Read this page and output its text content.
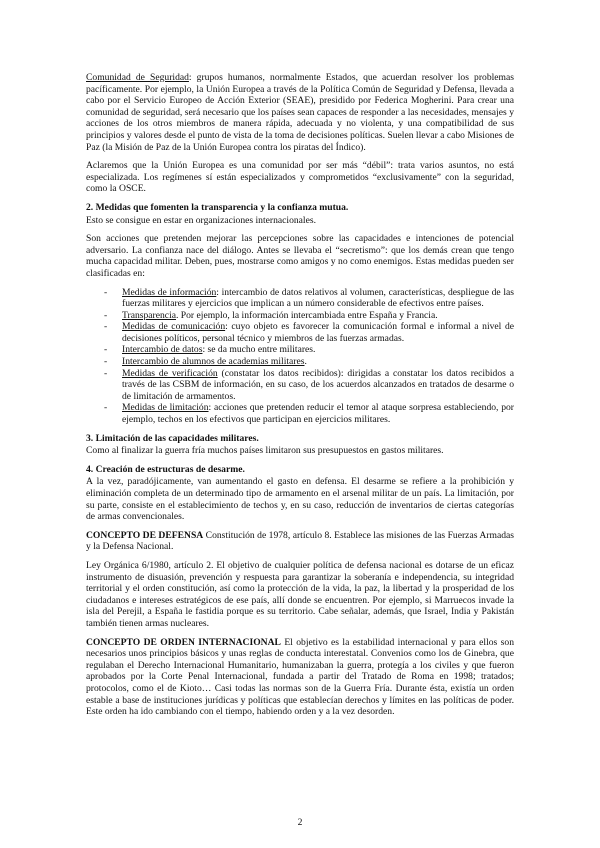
Comunidad de Seguridad: grupos humanos, normalmente Estados, que acuerdan resolver los problemas pacíficamente. Por ejemplo, la Unión Europea a través de la Política Común de Seguridad y Defensa, llevada a cabo por el Servicio Europeo de Acción Exterior (SEAE), presidido por Federica Mogherini. Para crear una comunidad de seguridad, será necesario que los países sean capaces de responder a las necesidades, mensajes y acciones de los otros miembros de manera rápida, adecuada y no violenta, y una compatibilidad de sus principios y valores desde el punto de vista de la toma de decisiones políticas. Suelen llevar a cabo Misiones de Paz (la Misión de Paz de la Unión Europea contra los piratas del Índico).

Aclaremos que la Unión Europea es una comunidad por ser más “débil”: trata varios asuntos, no está especializada. Los regímenes sí están especializados y comprometidos “exclusivamente” con la seguridad, como la OSCE.

2. Medidas que fomenten la transparencia y la confianza mutua.

Esto se consigue en estar en organizaciones internacionales.

Son acciones que pretenden mejorar las percepciones sobre las capacidades e intenciones de potencial adversario. La confianza nace del diálogo. Antes se llevaba el “secretismo”: que los demás crean que tengo mucha capacidad militar. Deben, pues, mostrarse como amigos y no como enemigos. Estas medidas pueden ser clasificadas en:

- Medidas de información: intercambio de datos relativos al volumen, características, despliegue de las fuerzas militares y ejercicios que implican a un número considerable de efectivos entre países.
- Transparencia. Por ejemplo, la información intercambiada entre España y Francia.
- Medidas de comunicación: cuyo objeto es favorecer la comunicación formal e informal a nivel de decisiones políticos, personal técnico y miembros de las fuerzas armadas.
- Intercambio de datos: se da mucho entre militares.
- Intercambio de alumnos de academias militares.
- Medidas de verificación (constatar los datos recibidos): dirigidas a constatar los datos recibidos a través de las CSBM de información, en su caso, de los acuerdos alcanzados en tratados de desarme o de limitación de armamentos.
- Medidas de limitación: acciones que pretenden reducir el temor al ataque sorpresa estableciendo, por ejemplo, techos en los efectivos que participan en ejercicios militares.

3. Limitación de las capacidades militares.

Como al finalizar la guerra fría muchos países limitaron sus presupuestos en gastos militares.

4. Creación de estructuras de desarme.

A la vez, paradójicamente, van aumentando el gasto en defensa. El desarme se refiere a la prohibición y eliminación completa de un determinado tipo de armamento en el arsenal militar de un país. La limitación, por su parte, consiste en el establecimiento de techos y, en su caso, reducción de inventarios de ciertas categorías de armas convencionales.

CONCEPTO DE DEFENSA Constitución de 1978, artículo 8. Establece las misiones de las Fuerzas Armadas y la Defensa Nacional.

Ley Orgánica 6/1980, artículo 2. El objetivo de cualquier política de defensa nacional es dotarse de un eficaz instrumento de disuasión, prevención y respuesta para garantizar la soberanía e independencia, su integridad territorial y el orden constitución, así como la protección de la vida, la paz, la libertad y la prosperidad de los ciudadanos e intereses estratégicos de ese país, allí donde se encuentren. Por ejemplo, si Marruecos invade la isla del Perejil, a España le fastidia porque es su territorio. Cabe señalar, además, que Israel, India y Pakistán también tienen armas nucleares.

CONCEPTO DE ORDEN INTERNACIONAL El objetivo es la estabilidad internacional y para ellos son necesarios unos principios básicos y unas reglas de conducta interestatal. Convenios como los de Ginebra, que regulaban el Derecho Internacional Humanitario, humanizaban la guerra, protegía a los civiles y que fueron aprobados por la Corte Penal Internacional, fundada a partir del Tratado de Roma en 1998; tratados; protocolos, como el de Kioto… Casi todas las normas son de la Guerra Fría. Durante ésta, existía un orden estable a base de instituciones jurídicas y políticas que establecían derechos y límites en las políticas de poder. Este orden ha ido cambiando con el tiempo, habiendo orden y a la vez desorden.

2
